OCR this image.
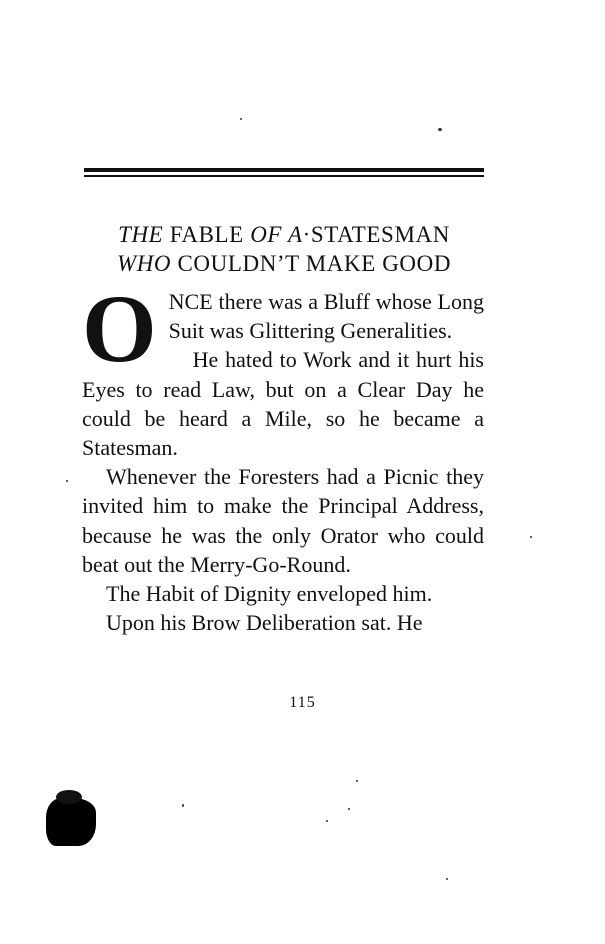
THE FABLE OF A·STATESMAN
WHO COULDN’T MAKE GOOD

ONCE there was a Bluff whose Long Suit was Glittering Generalities.

He hated to Work and it hurt his Eyes to read Law, but on a Clear Day he could be heard a Mile, so he became a Statesman.

Whenever the Foresters had a Picnic they invited him to make the Principal Address, because he was the only Orator who could beat out the Merry-Go-Round.

The Habit of Dignity enveloped him.

Upon his Brow Deliberation sat. He

115
